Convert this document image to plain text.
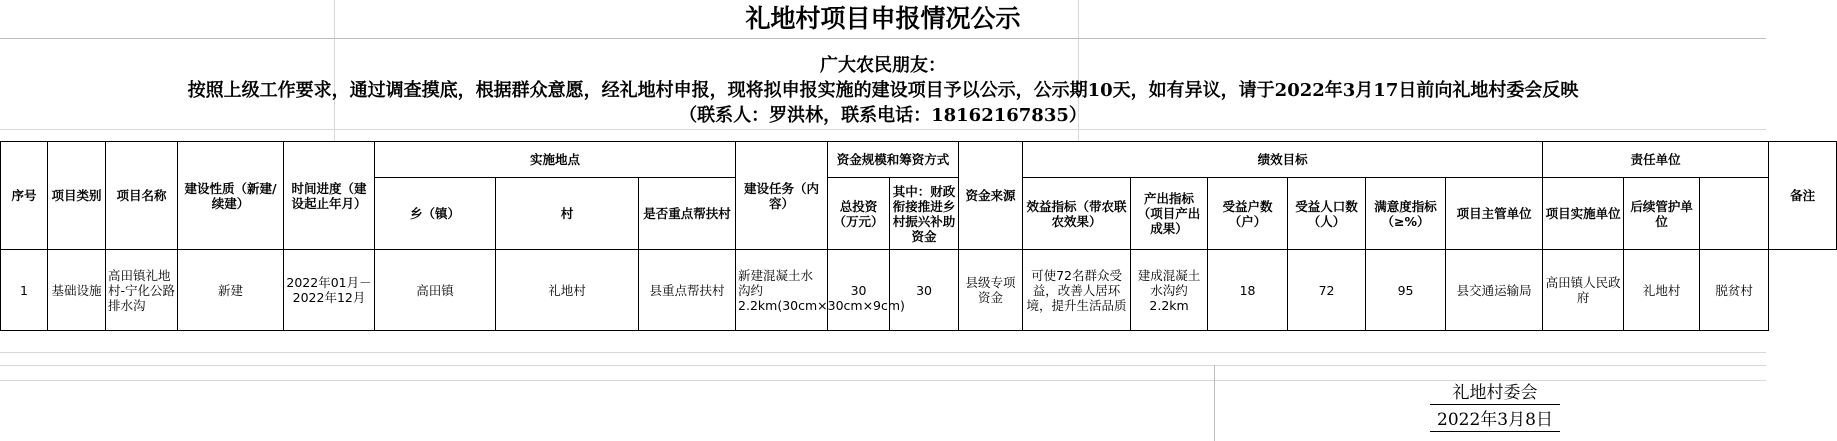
礼地村项目申报情况公示
广大农民朋友：
按照上级工作要求，通过调查摸底，根据群众意愿，经礼地村申报，现将拟申报实施的建设项目予以公示，公示期10天，如有异议，请于2022年3月17日前向礼地村委会反映
（联系人：罗洪林，联系电话：18162167835）
序号	项目类别	项目名称	建设性质（新建/续建）	时间进度（建设起止年月）	实施地点			建设任务（内容）	资金规模和筹资方式		资金来源	绩效目标						责任单位			备注
					乡（镇）	村	是否重点帮扶村		总投资（万元）	其中：财政衔接推进乡村振兴补助资金		效益指标（带农联农效果）	产出指标（项目产出成果）	受益户数（户）	受益人口数（人）	满意度指标（≥%）	项目主管单位	项目实施单位	后续管护单位		
1	基础设施	高田镇礼地村-宁化公路排水沟	新建	2022年01月－2022年12月	高田镇	礼地村	县重点帮扶村	新建混凝土水沟约2.2km(30cm×30cm×9cm)	30	30	县级专项资金	可使72名群众受益，改善人居环境，提升生活品质	建成混凝土水沟约2.2km	18	72	95	县交通运输局	高田镇人民政府	礼地村	脱贫村	
礼地村委会
2022年3月8日
